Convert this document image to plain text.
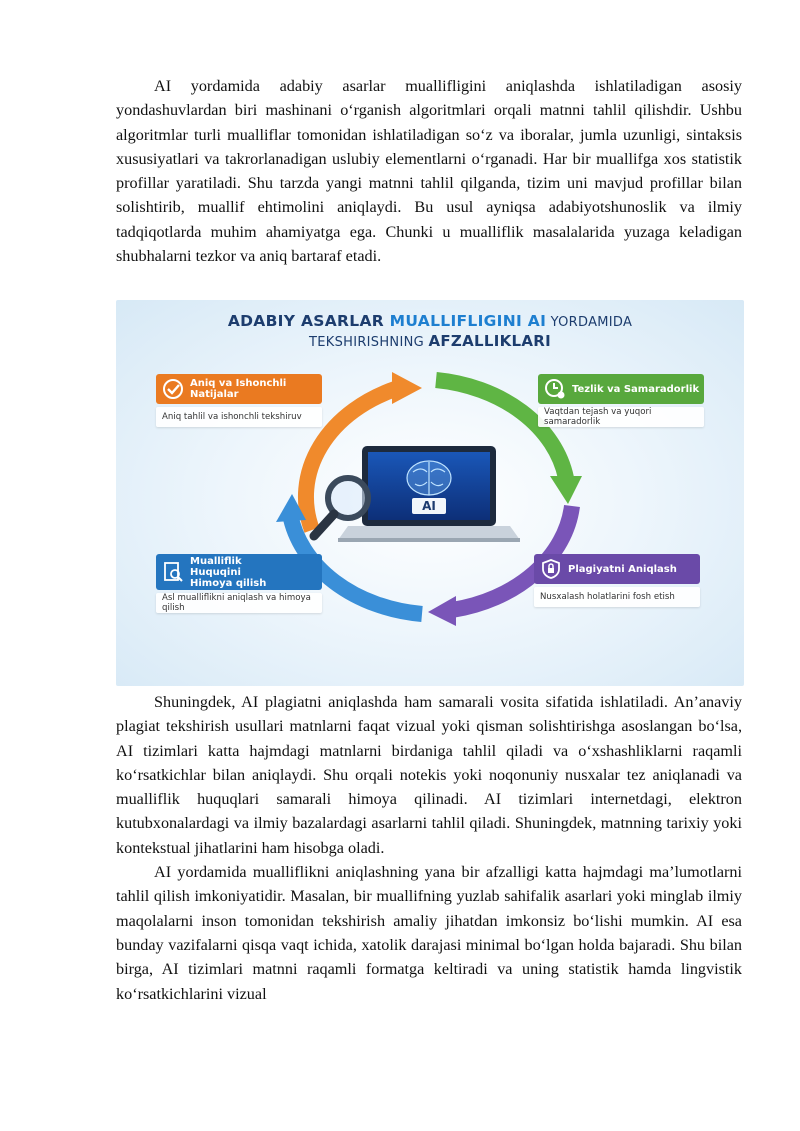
AI yordamida adabiy asarlar muallifligini aniqlashda ishlatiladigan asosiy yondashuvlardan biri mashinani oʻrganish algoritmlari orqali matnni tahlil qilishdir. Ushbu algoritmlar turli mualliflar tomonidan ishlatiladigan soʻz va iboralar, jumla uzunligi, sintaksis xususiyatlari va takrorlanadigan uslubiy elementlarni oʻrganadi. Har bir muallifga xos statistik profillar yaratiladi. Shu tarzda yangi matnni tahlil qilganda, tizim uni mavjud profillar bilan solishtirib, muallif ehtimolini aniqlaydi. Bu usul ayniqsa adabiyotshunoslik va ilmiy tadqiqotlarda muhim ahamiyatga ega. Chunki u mualliflik masalalarida yuzaga keladigan shubhalarni tezkor va aniq bartaraf etadi.

AI
ADABIY ASARLAR MUALLIFLIGINI AI YORDAMIDA
TEKSHIRISHNING AFZALLIKLARI
Aniq va Ishonchli Natijalar
Aniq tahlil va ishonchli tekshiruv
Tezlik va Samaradorlik
Vaqtdan tejash va yuqori samaradorlik
Mualliflik Huquqini Himoya qilish
Asl mualliflikni aniqlash va himoya qilish
Plagiyatni Aniqlash
Nusxalash holatlarini fosh etish

Shuningdek, AI plagiatni aniqlashda ham samarali vosita sifatida ishlatiladi. An’anaviy plagiat tekshirish usullari matnlarni faqat vizual yoki qisman solishtirishga asoslangan boʻlsa, AI tizimlari katta hajmdagi matnlarni birdaniga tahlil qiladi va oʻxshashliklarni raqamli koʻrsatkichlar bilan aniqlaydi. Shu orqali notekis yoki noqonuniy nusxalar tez aniqlanadi va mualliflik huquqlari samarali himoya qilinadi. AI tizimlari internetdagi, elektron kutubxonalardagi va ilmiy bazalardagi asarlarni tahlil qiladi. Shuningdek, matnning tarixiy yoki kontekstual jihatlarini ham hisobga oladi.

AI yordamida mualliflikni aniqlashning yana bir afzalligi katta hajmdagi ma’lumotlarni tahlil qilish imkoniyatidir. Masalan, bir muallifning yuzlab sahifalik asarlari yoki minglab ilmiy maqolalarni inson tomonidan tekshirish amaliy jihatdan imkonsiz boʻlishi mumkin. AI esa bunday vazifalarni qisqa vaqt ichida, xatolik darajasi minimal boʻlgan holda bajaradi. Shu bilan birga, AI tizimlari matnni raqamli formatga keltiradi va uning statistik hamda lingvistik koʻrsatkichlarini vizual
